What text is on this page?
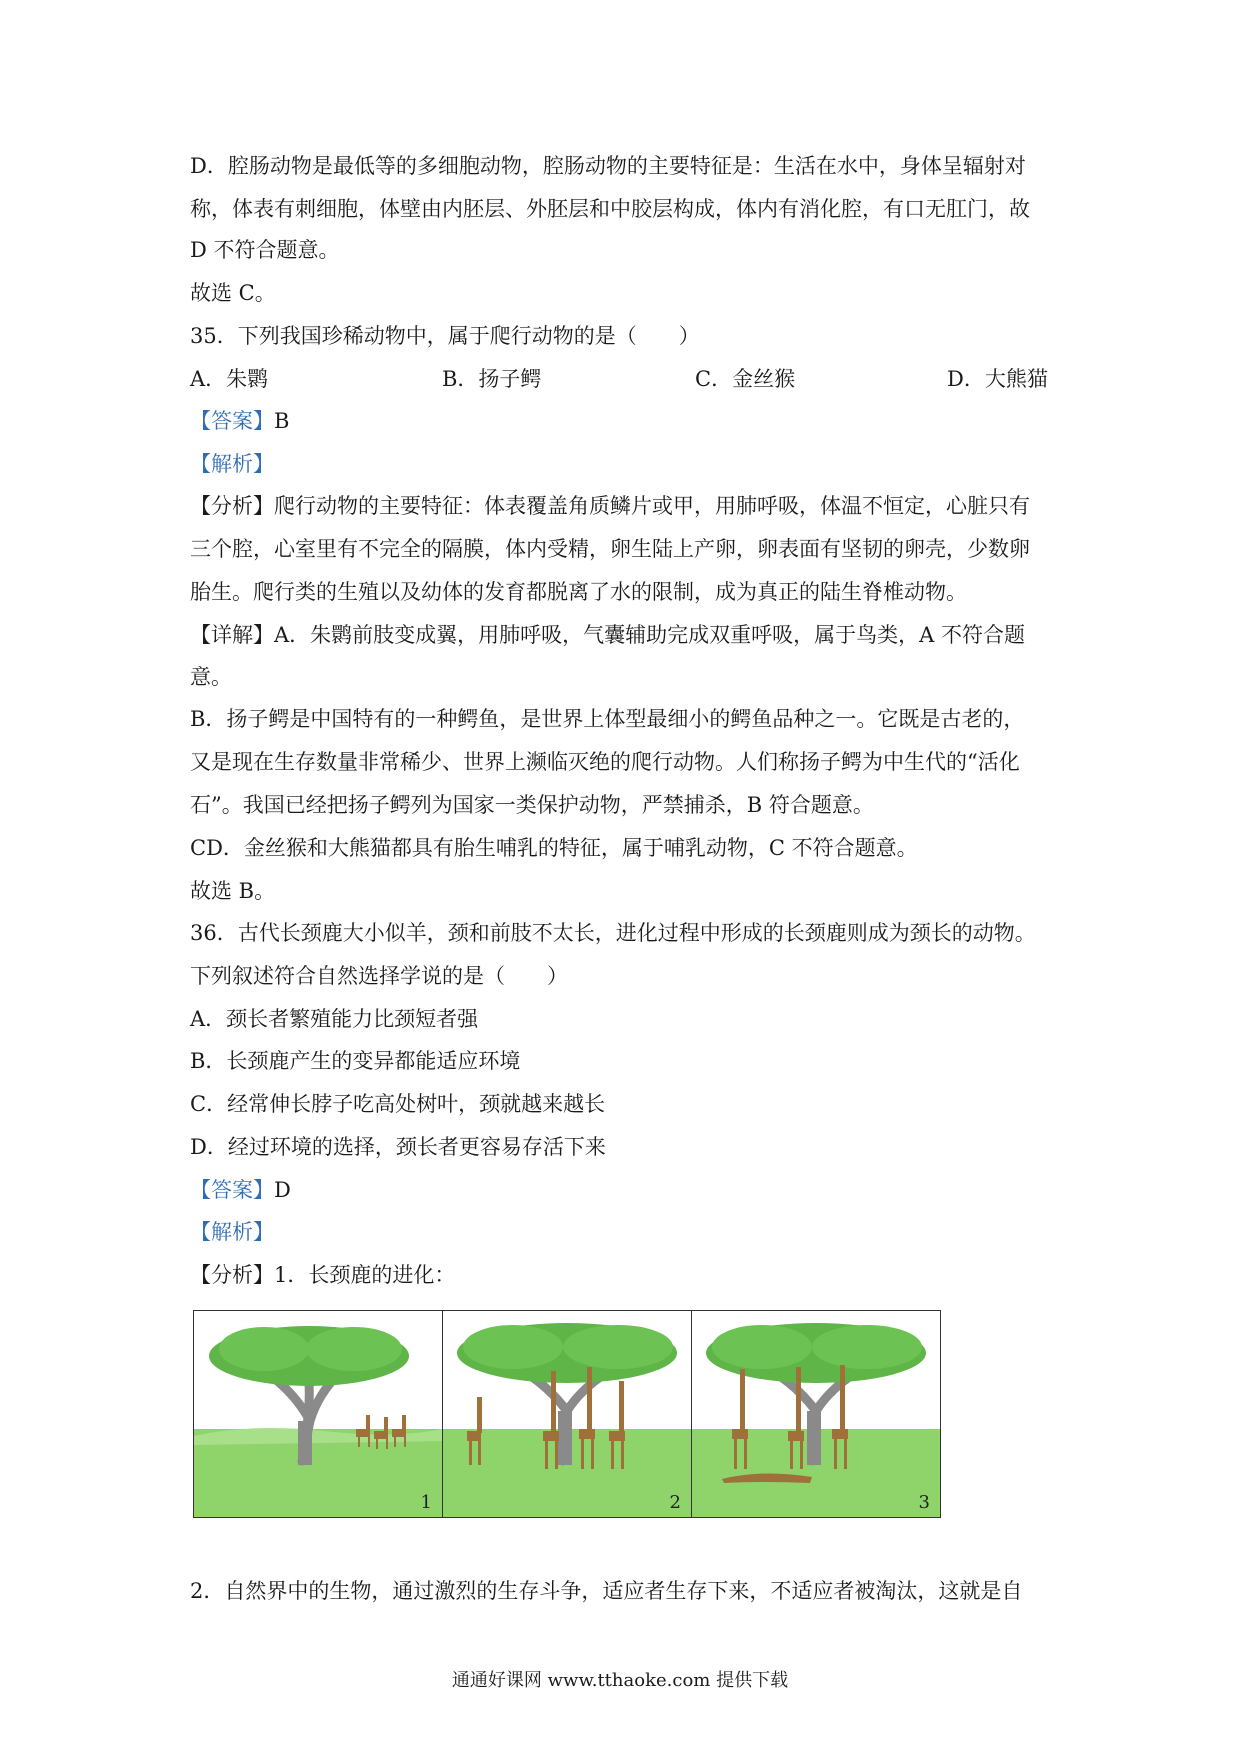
D．腔肠动物是最低等的多细胞动物，腔肠动物的主要特征是：生活在水中，身体呈辐射对
称，体表有刺细胞，体壁由内胚层、外胚层和中胶层构成，体内有消化腔，有口无肛门，故
D 不符合题意。
故选 C。
35．下列我国珍稀动物中，属于爬行动物的是（　　）
A．朱鹮	B．扬子鳄	C．金丝猴	D．大熊猫
【答案】B
【解析】
【分析】爬行动物的主要特征：体表覆盖角质鳞片或甲，用肺呼吸，体温不恒定，心脏只有
三个腔，心室里有不完全的隔膜，体内受精，卵生陆上产卵，卵表面有坚韧的卵壳，少数卵
胎生。爬行类的生殖以及幼体的发育都脱离了水的限制，成为真正的陆生脊椎动物。
【详解】A．朱鹮前肢变成翼，用肺呼吸，气囊辅助完成双重呼吸，属于鸟类，A 不符合题
意。
B．扬子鳄是中国特有的一种鳄鱼，是世界上体型最细小的鳄鱼品种之一。它既是古老的，
又是现在生存数量非常稀少、世界上濒临灭绝的爬行动物。人们称扬子鳄为中生代的“活化
石”。我国已经把扬子鳄列为国家一类保护动物，严禁捕杀，B 符合题意。
CD．金丝猴和大熊猫都具有胎生哺乳的特征，属于哺乳动物，C 不符合题意。
故选 B。
36．古代长颈鹿大小似羊，颈和前肢不太长，进化过程中形成的长颈鹿则成为颈长的动物。
下列叙述符合自然选择学说的是（　　）
A．颈长者繁殖能力比颈短者强
B．长颈鹿产生的变异都能适应环境
C．经常伸长脖子吃高处树叶，颈就越来越长
D．经过环境的选择，颈长者更容易存活下来
【答案】D
【解析】
【分析】1．长颈鹿的进化：
1	2	3
2．自然界中的生物，通过激烈的生存斗争，适应者生存下来，不适应者被淘汰，这就是自
通通好课网 www.tthaoke.com 提供下载
